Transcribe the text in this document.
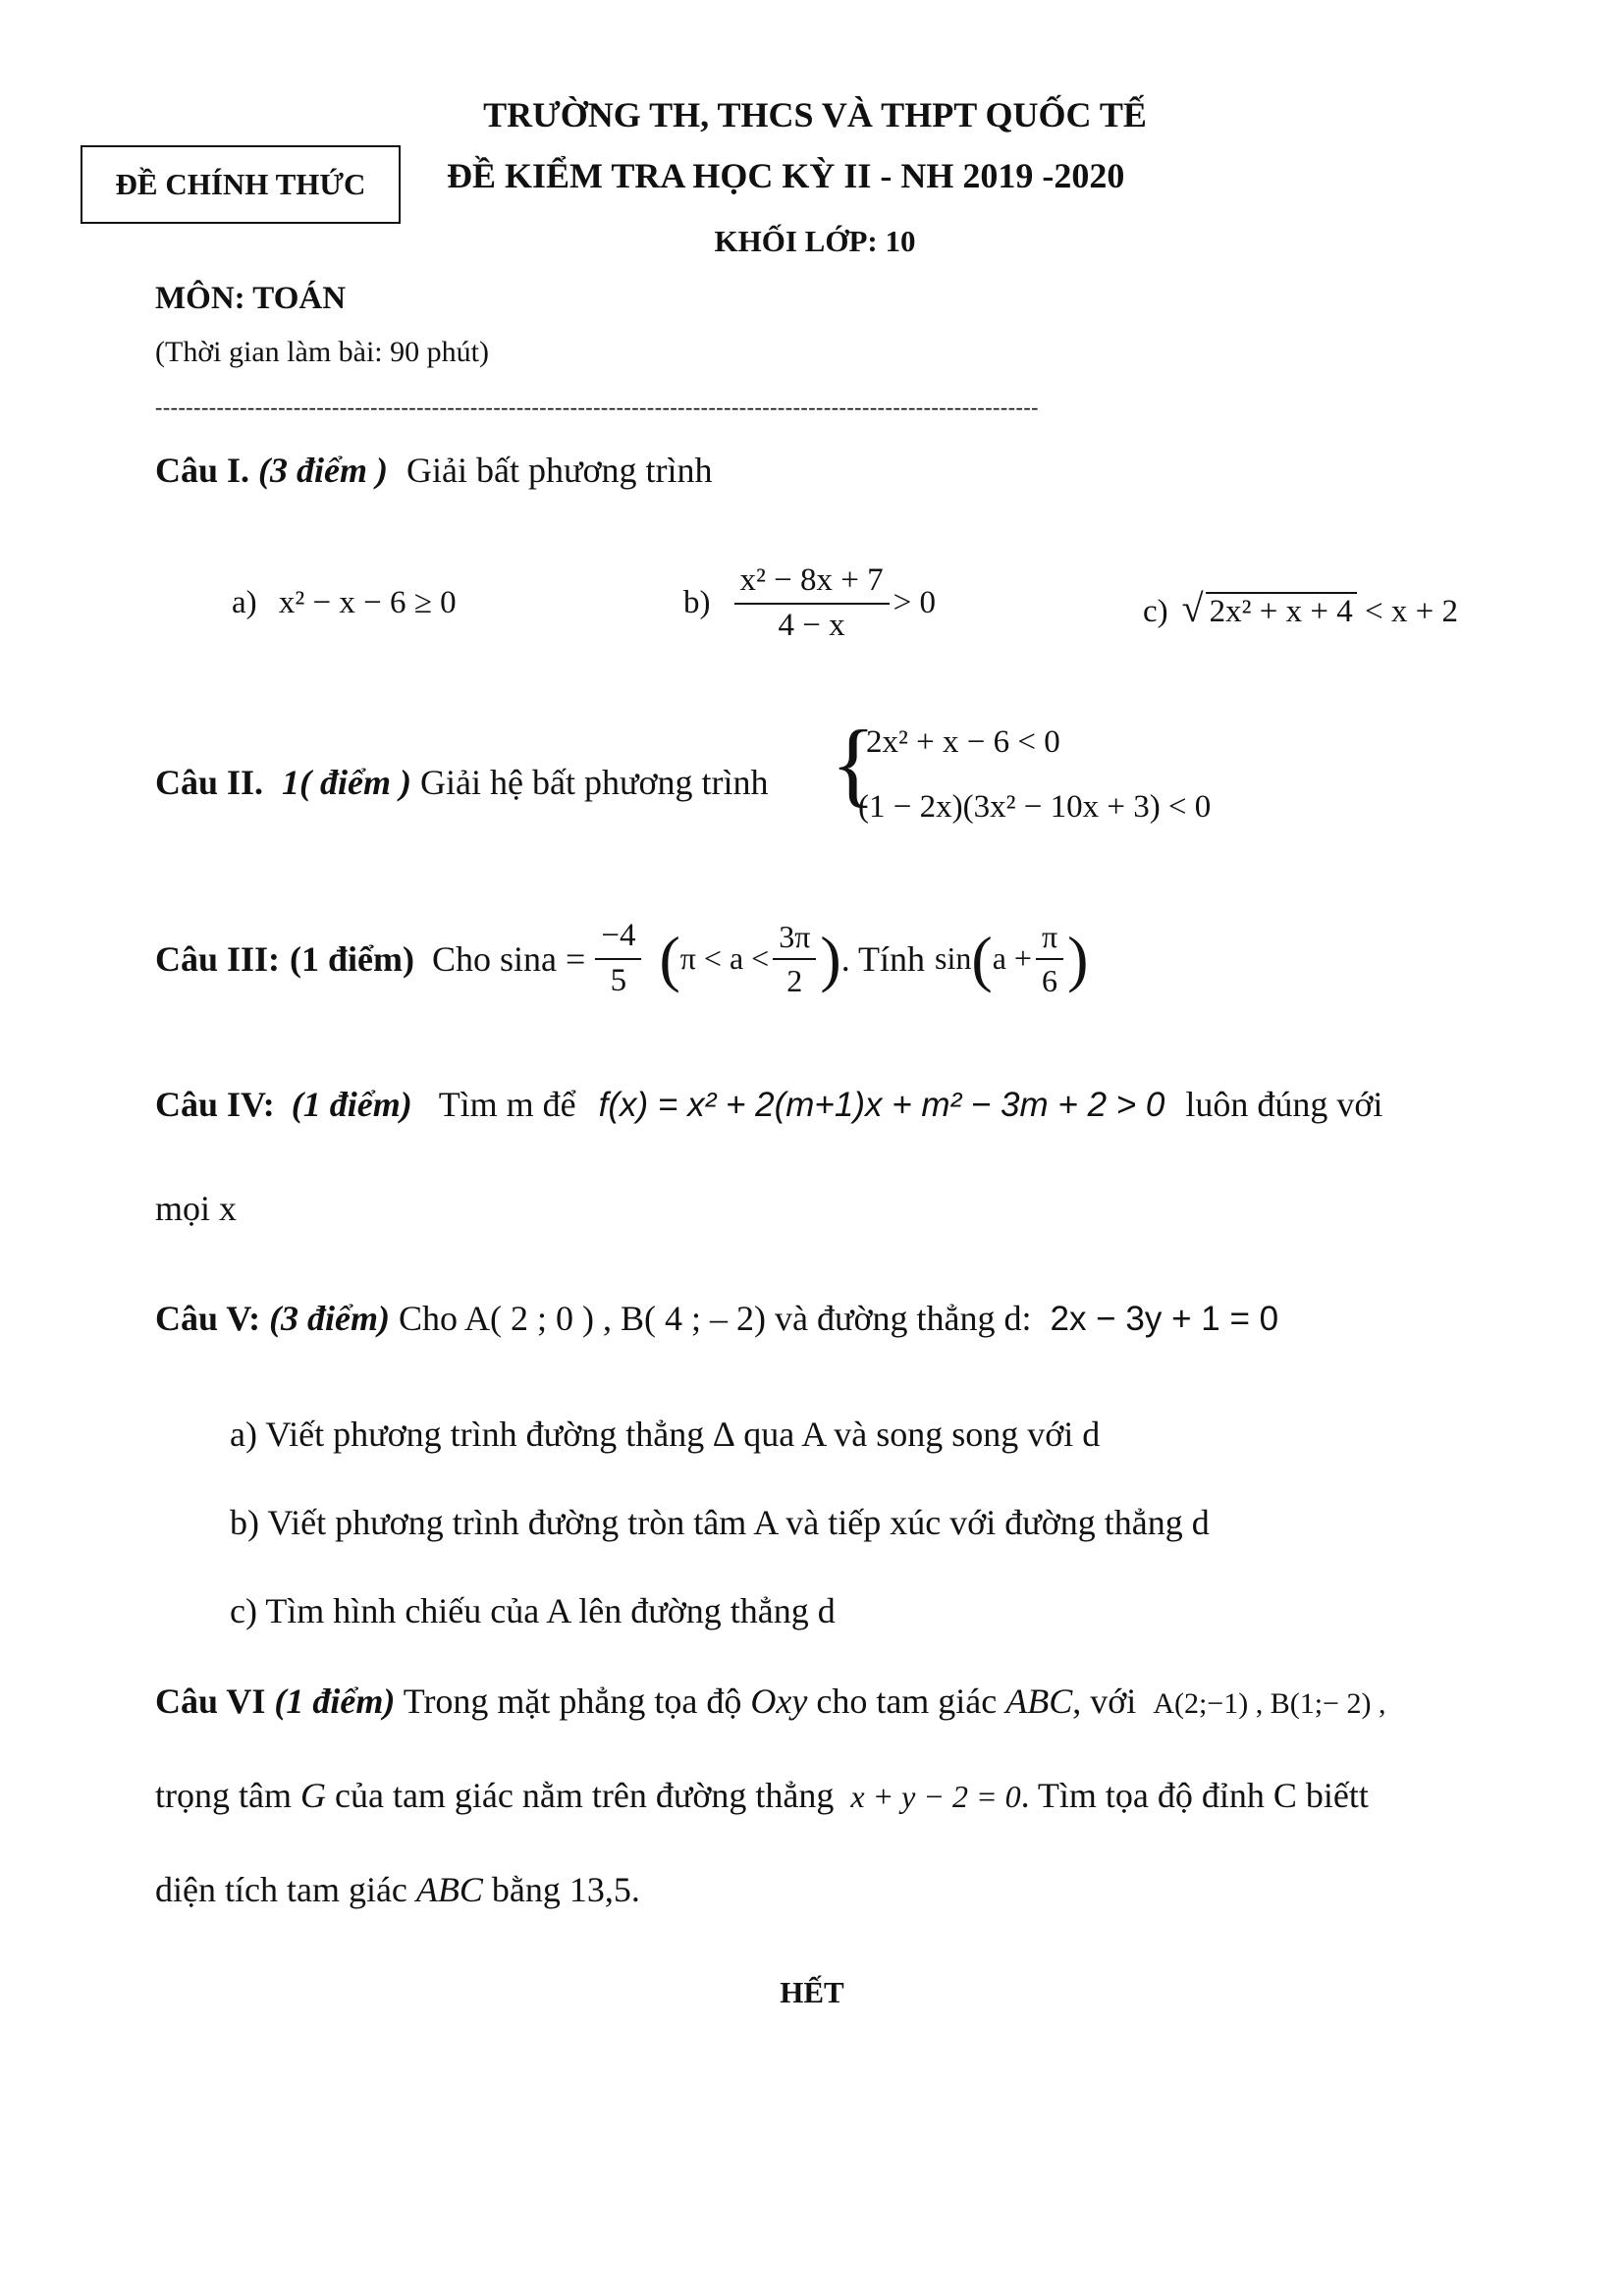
TRƯỜNG TH, THCS VÀ THPT QUỐC TẾ
ĐỀ CHÍNH THỨC ĐỀ KIỂM TRA HỌC KỲ II - NH 2019 -2020
KHỐI LỚP: 10
MÔN: TOÁN
(Thời gian làm bài: 90 phút)
-------------------------------------------------------------------------------------------------------------------
Câu I. (3 điểm ) Giải bất phương trình
a) x² − x − 6 ≥ 0	$b) \frac{\text{x² − 8x + 7}}{4 - x} > 0$	c) √ 2x² + x + 4 < x + 2
Câu II. 1( điểm ) Giải hệ bất phương trình {
2x² + x − 6 < 0
(1 − 2x)(3x² − 10x + 3) < 0
Câu III: (1 điểm) Cho $\sin a = \frac{-4}{5}$ ( $\pi < a < \frac{3\pi}{2}$ ) . Tính sin ( $a + \frac{\pi}{6}$ )
Câu IV: (1 điểm) Tìm m để f(x) = x² + 2(m+1)x + m² − 3m + 2 > 0 luôn đúng với
mọi x
Câu V: (3 điểm) Cho A( 2 ; 0 ) , B( 4 ; – 2) và đường thẳng d: 2x − 3y + 1 = 0
a) Viết phương trình đường thẳng ∆ qua A và song song với d
b) Viết phương trình đường tròn tâm A và tiếp xúc với đường thẳng d
c) Tìm hình chiếu của A lên đường thẳng d
Câu VI (1 điểm) Trong mặt phẳng tọa độ Oxy cho tam giác ABC, với A(2;−1) , B(1;− 2) ,
trọng tâm G của tam giác nằm trên đường thẳng x + y − 2 = 0. Tìm tọa độ đỉnh C biếtt
diện tích tam giác ABC bằng 13,5.
HẾT
